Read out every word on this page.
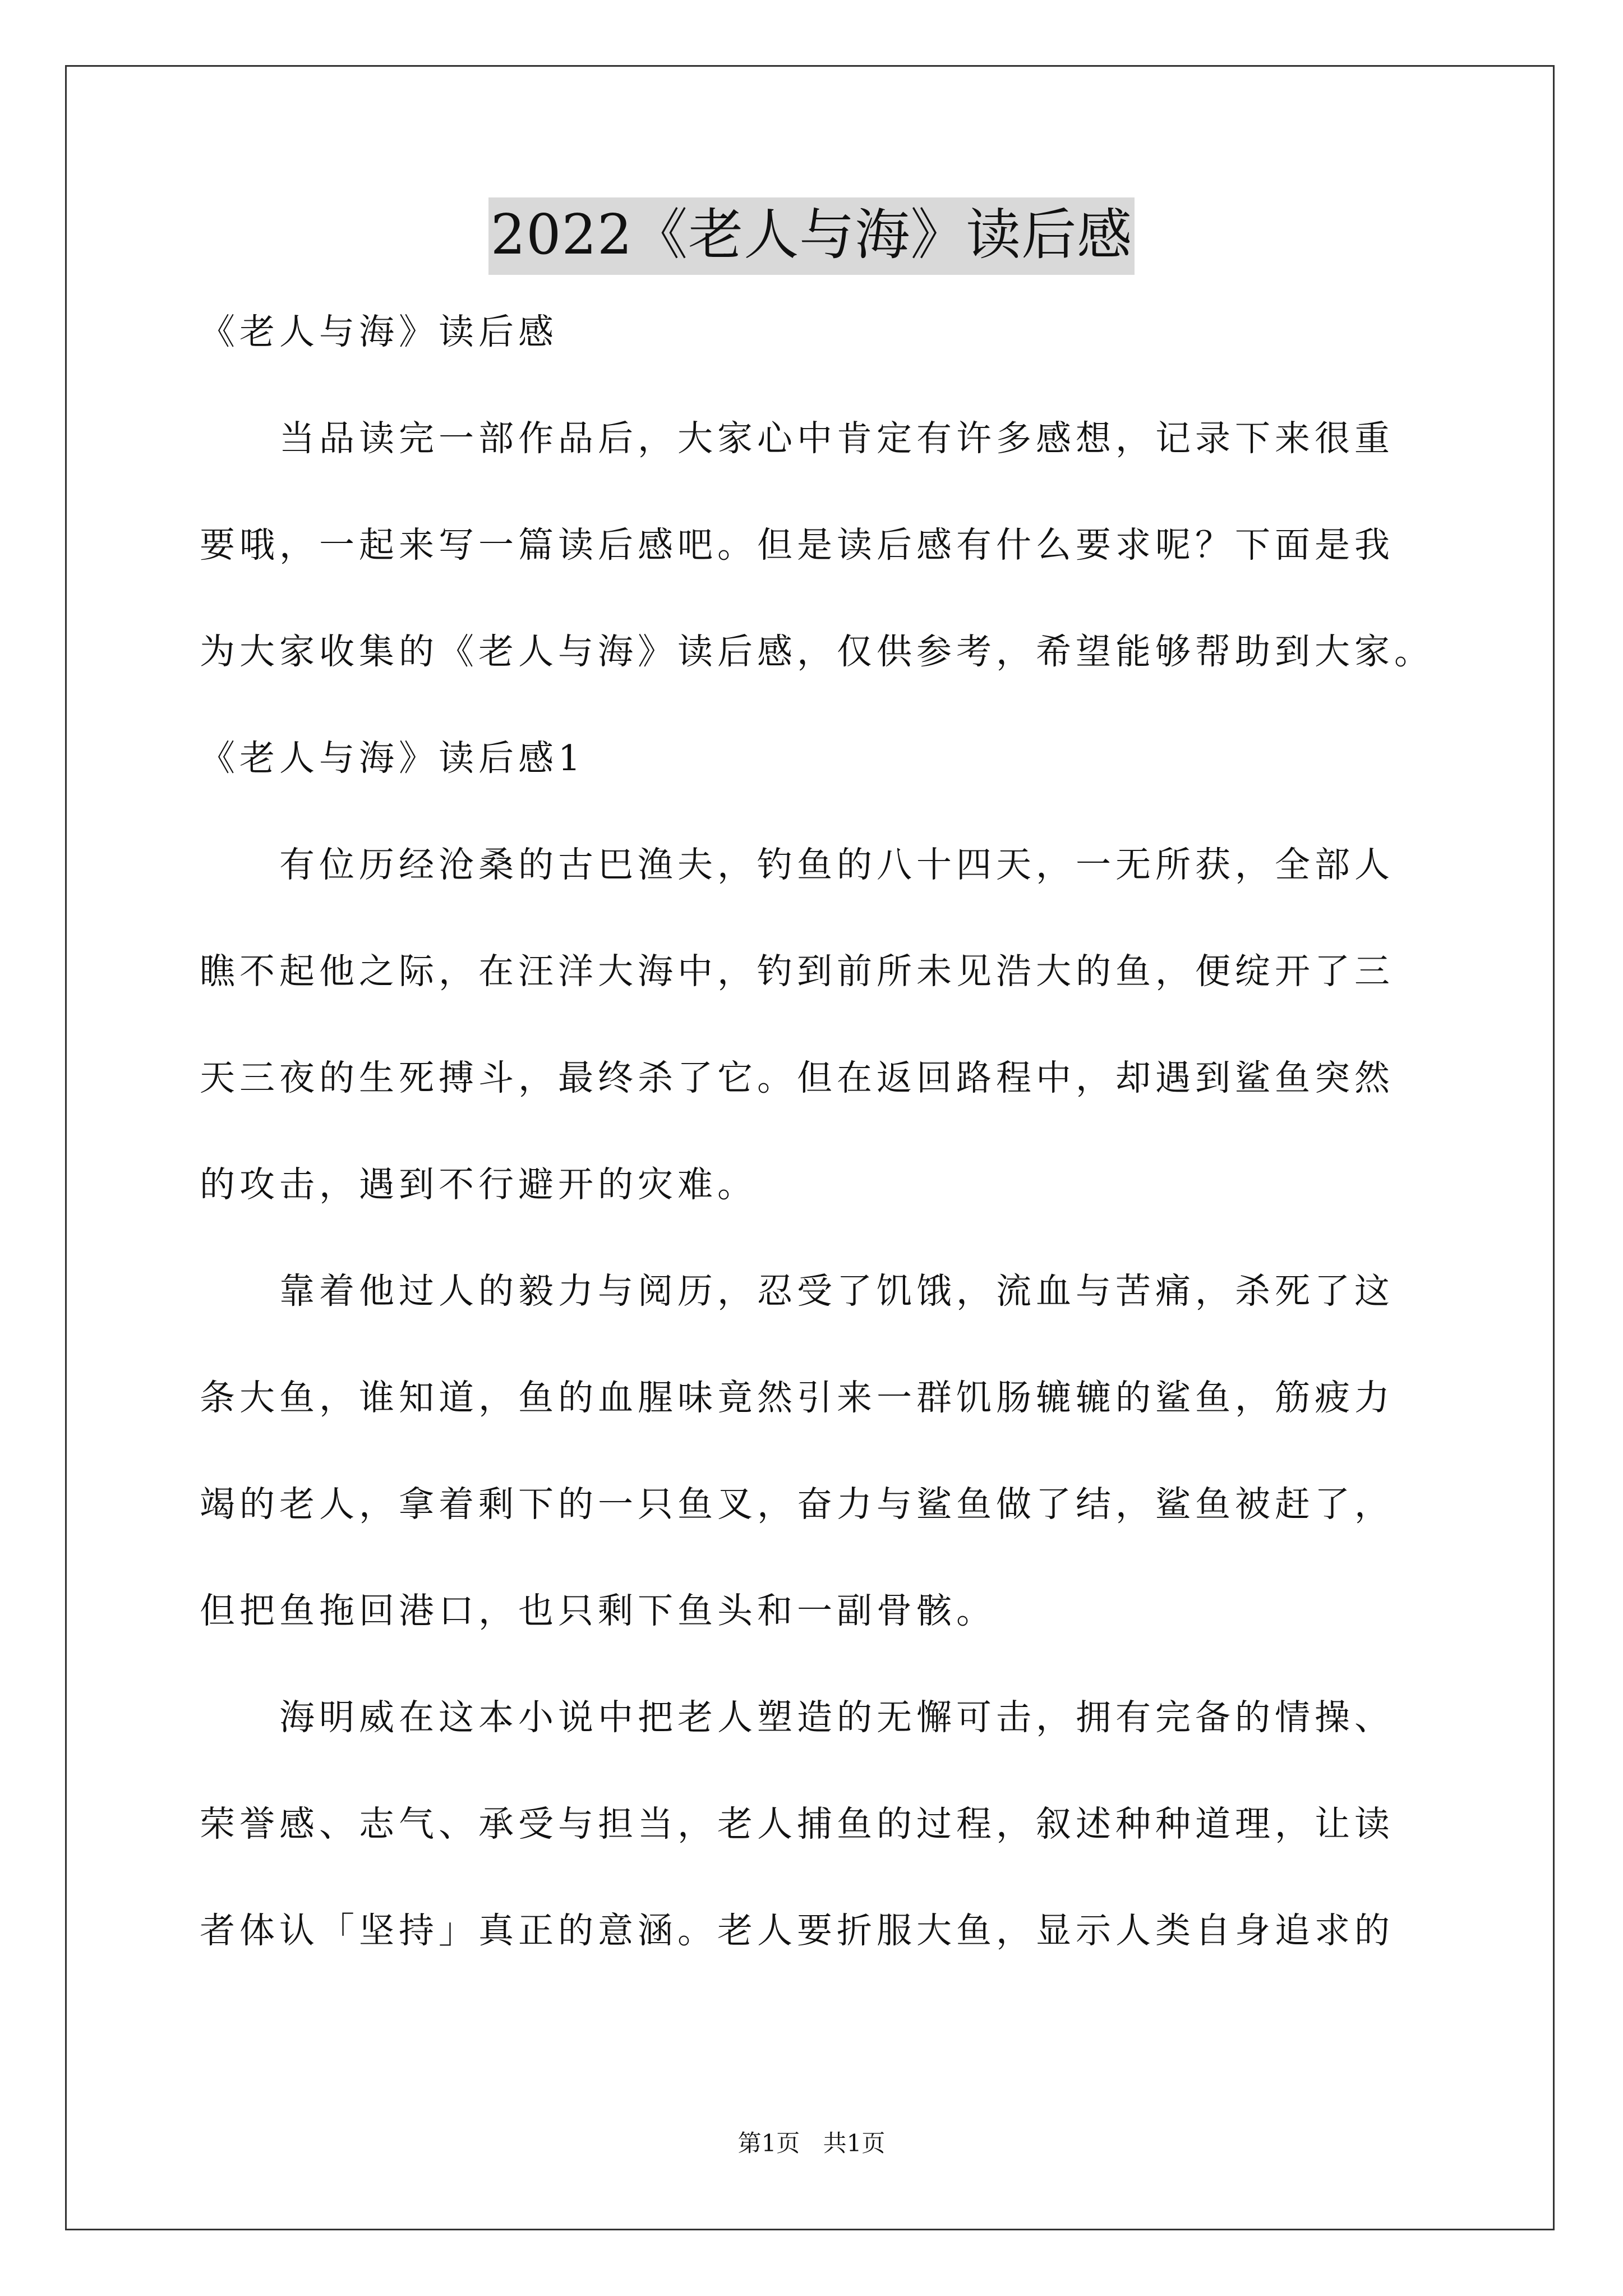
2022《老人与海》读后感
《老人与海》读后感
当品读完一部作品后，大家心中肯定有许多感想，记录下来很重
要哦，一起来写一篇读后感吧。但是读后感有什么要求呢？下面是我
为大家收集的《老人与海》读后感，仅供参考，希望能够帮助到大家。
《老人与海》读后感1
有位历经沧桑的古巴渔夫，钓鱼的八十四天，一无所获，全部人
瞧不起他之际，在汪洋大海中，钓到前所未见浩大的鱼，便绽开了三
天三夜的生死搏斗，最终杀了它。但在返回路程中，却遇到鲨鱼突然
的攻击，遇到不行避开的灾难。
靠着他过人的毅力与阅历，忍受了饥饿，流血与苦痛，杀死了这
条大鱼，谁知道，鱼的血腥味竟然引来一群饥肠辘辘的鲨鱼，筋疲力
竭的老人，拿着剩下的一只鱼叉，奋力与鲨鱼做了结，鲨鱼被赶了，
但把鱼拖回港口，也只剩下鱼头和一副骨骸。
海明威在这本小说中把老人塑造的无懈可击，拥有完备的情操、
荣誉感、志气、承受与担当，老人捕鱼的过程，叙述种种道理，让读
者体认「坚持」真正的意涵。老人要折服大鱼，显示人类自身追求的
第1页 共1页
